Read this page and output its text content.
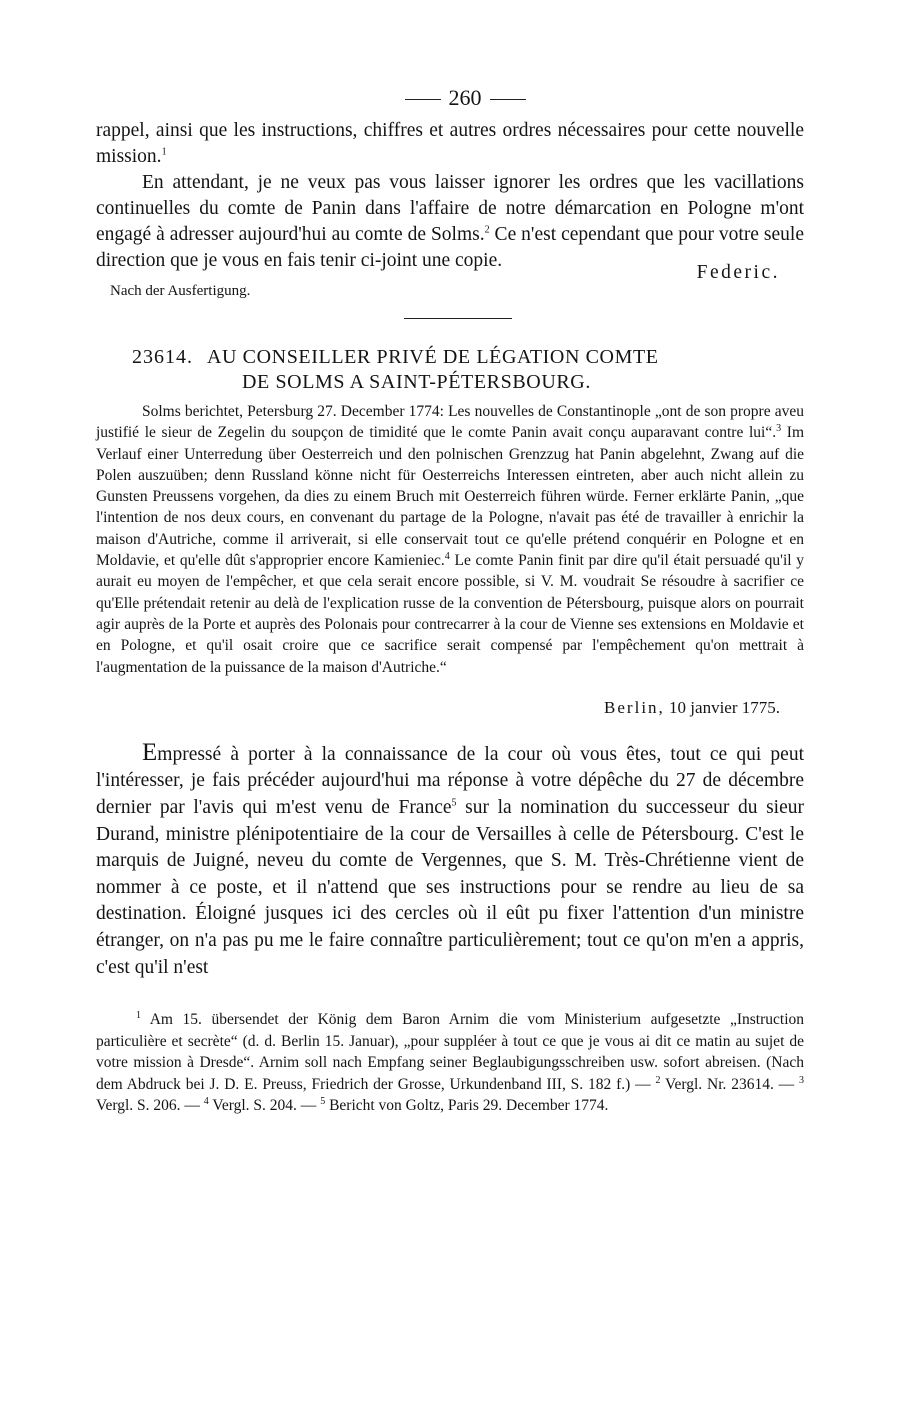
260

rappel, ainsi que les instructions, chiffres et autres ordres nécessaires pour cette nouvelle mission.$^1$

En attendant, je ne veux pas vous laisser ignorer les ordres que les vacillations continuelles du comte de Panin dans l'affaire de notre démarcation en Pologne m'ont engagé à adresser aujourd'hui au comte de Solms.$^2$ Ce n'est cependant que pour votre seule direction que je vous en fais tenir ci-joint une copie.

Federic.
Nach der Ausfertigung.
23614. AU CONSEILLER PRIVÉ DE LÉGATION COMTE
DE SOLMS A SAINT-PÉTERSBOURG.

Solms berichtet, Petersburg 27. December 1774: Les nouvelles de Constantinople „ont de son propre aveu justifié le sieur de Zegelin du soupçon de timidité que le comte Panin avait conçu auparavant contre lui“.$^3$ Im Verlauf einer Unterredung über Oesterreich und den polnischen Grenzzug hat Panin abgelehnt, Zwang auf die Polen auszuüben; denn Russland könne nicht für Oesterreichs Interessen eintreten, aber auch nicht allein zu Gunsten Preussens vorgehen, da dies zu einem Bruch mit Oesterreich führen würde. Ferner erklärte Panin, „que l'intention de nos deux cours, en convenant du partage de la Pologne, n'avait pas été de travailler à enrichir la maison d'Autriche, comme il arriverait, si elle conservait tout ce qu'elle prétend conquérir en Pologne et en Moldavie, et qu'elle dût s'approprier encore Kamieniec.$^4$ Le comte Panin finit par dire qu'il était persuadé qu'il y aurait eu moyen de l'empêcher, et que cela serait encore possible, si V. M. voudrait Se résoudre à sacrifier ce qu'Elle prétendait retenir au delà de l'explication russe de la convention de Pétersbourg, puisque alors on pourrait agir auprès de la Porte et auprès des Polonais pour contrecarrer à la cour de Vienne ses extensions en Moldavie et en Pologne, et qu'il osait croire que ce sacrifice serait compensé par l'empêchement qu'on mettrait à l'augmentation de la puissance de la maison d'Autriche.“

Berlin, 10 janvier 1775.

Empressé à porter à la connaissance de la cour où vous êtes, tout ce qui peut l'intéresser, je fais précéder aujourd'hui ma réponse à votre dépêche du 27 de décembre dernier par l'avis qui m'est venu de France$^5$ sur la nomination du successeur du sieur Durand, ministre plénipotentiaire de la cour de Versailles à celle de Pétersbourg. C'est le marquis de Juigné, neveu du comte de Vergennes, que S. M. Très-Chrétienne vient de nommer à ce poste, et il n'attend que ses instructions pour se rendre au lieu de sa destination. Éloigné jusques ici des cercles où il eût pu fixer l'attention d'un ministre étranger, on n'a pas pu me le faire connaître particulièrement; tout ce qu'on m'en a appris, c'est qu'il n'est

$^1$ Am 15. übersendet der König dem Baron Arnim die vom Ministerium aufgesetzte „Instruction particulière et secrète“ (d. d. Berlin 15. Januar), „pour suppléer à tout ce que je vous ai dit ce matin au sujet de votre mission à Dresde“. Arnim soll nach Empfang seiner Beglaubigungsschreiben usw. sofort abreisen. (Nach dem Abdruck bei J. D. E. Preuss, Friedrich der Grosse, Urkundenband III, S. 182 f.) — $^2$ Vergl. Nr. 23614. — $^3$ Vergl. S. 206. — $^4$ Vergl. S. 204. — $^5$ Bericht von Goltz, Paris 29. December 1774.
